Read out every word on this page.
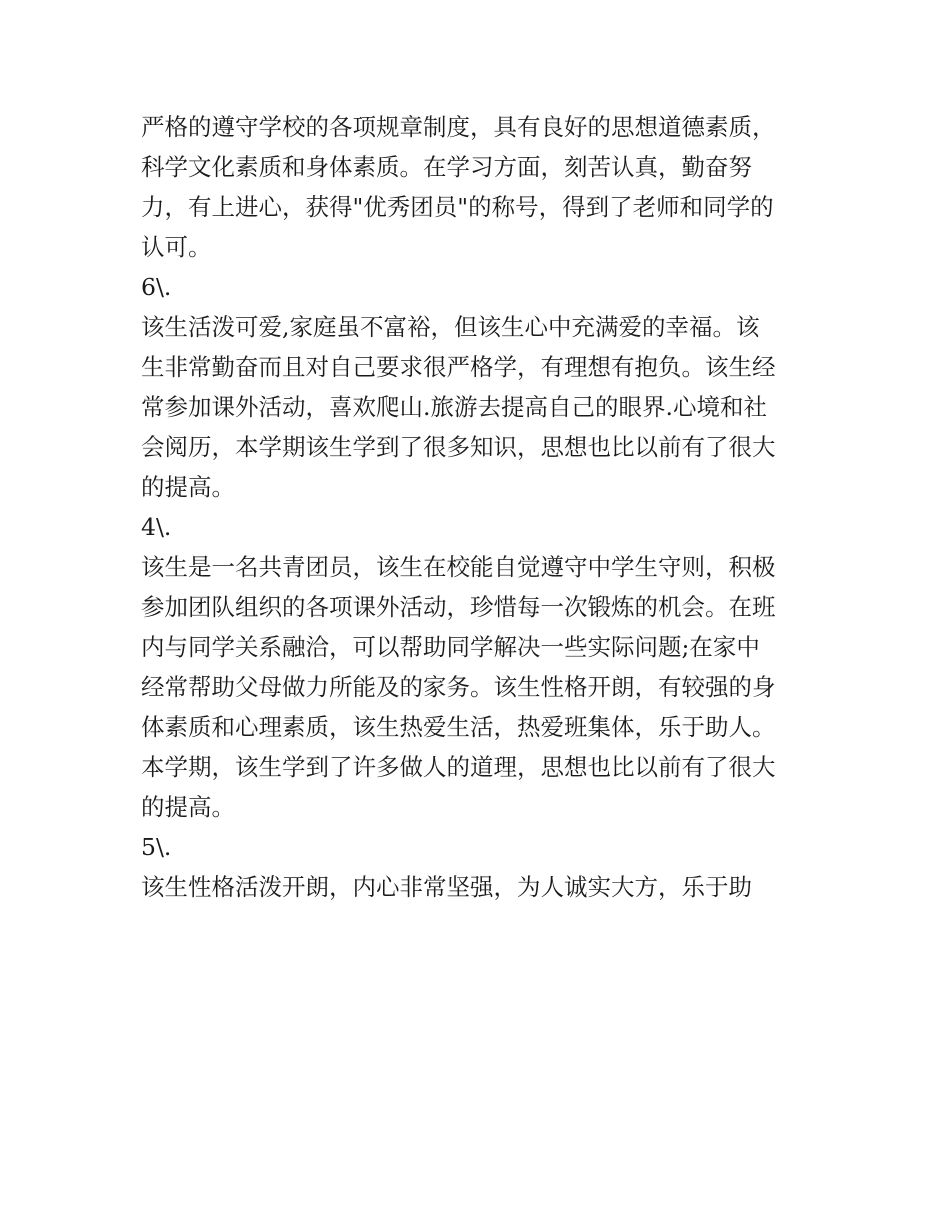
严格的遵守学校的各项规章制度，具有良好的思想道德素质，
科学文化素质和身体素质。在学习方面，刻苦认真，勤奋努
力，有上进心，获得"优秀团员"的称号，得到了老师和同学的
认可。
6\.
该生活泼可爱,家庭虽不富裕，但该生心中充满爱的幸福。该
生非常勤奋而且对自己要求很严格学，有理想有抱负。该生经
常参加课外活动，喜欢爬山.旅游去提高自己的眼界.心境和社
会阅历，本学期该生学到了很多知识，思想也比以前有了很大
的提高。
4\.
该生是一名共青团员，该生在校能自觉遵守中学生守则，积极
参加团队组织的各项课外活动，珍惜每一次锻炼的机会。在班
内与同学关系融洽，可以帮助同学解决一些实际问题;在家中
经常帮助父母做力所能及的家务。该生性格开朗，有较强的身
体素质和心理素质，该生热爱生活，热爱班集体，乐于助人。
本学期，该生学到了许多做人的道理，思想也比以前有了很大
的提高。
5\.
该生性格活泼开朗，内心非常坚强，为人诚实大方，乐于助
